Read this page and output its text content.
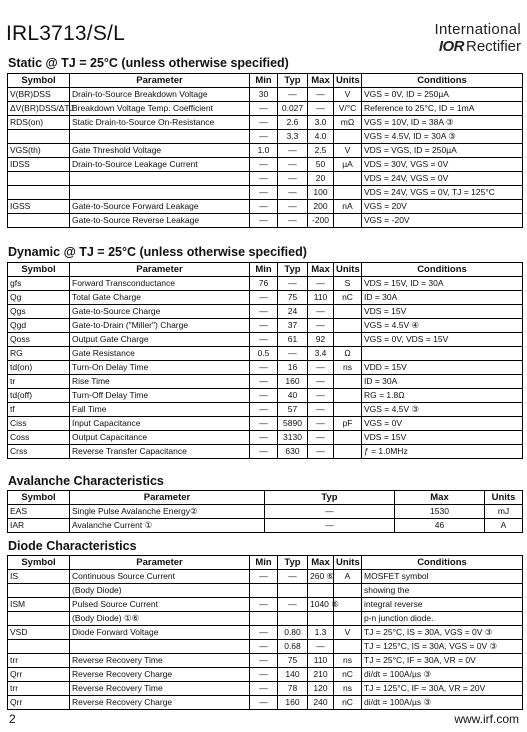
IRL3713/S/L	International
IOR Rectifier
Static @ TJ = 25°C (unless otherwise specified)
Symbol	Parameter	Min	Typ	Max	Units	Conditions
V(BR)DSS	Drain-to-Source Breakdown Voltage	30	—	—	V	VGS = 0V, ID = 250µA
ΔV(BR)DSS/ΔTJ	Breakdown Voltage Temp. Coefficient	—	0.027	—	V/°C	Reference to 25°C, ID = 1mA
RDS(on)	Static Drain-to-Source On-Resistance	—	2.6	3.0	mΩ	VGS = 10V, ID = 38A ③
		—	3.3	4.0		VGS = 4.5V, ID = 30A ③
VGS(th)	Gate Threshold Voltage	1.0	—	2.5	V	VDS = VGS, ID = 250µA
IDSS	Drain-to-Source Leakage Current	—	—	50	µA	VDS = 30V, VGS = 0V
		—	—	20		VDS = 24V, VGS = 0V
		—	—	100		VDS = 24V, VGS = 0V, TJ = 125°C
IGSS	Gate-to-Source Forward Leakage	—	—	200	nA	VGS = 20V
	Gate-to-Source Reverse Leakage	—	—	-200		VGS = -20V
Dynamic @ TJ = 25°C (unless otherwise specified)
Symbol	Parameter	Min	Typ	Max	Units	Conditions
gfs	Forward Transconductance	76	—	—	S	VDS = 15V, ID = 30A
Qg	Total Gate Charge	—	75	110	nC	ID = 30A
Qgs	Gate-to-Source Charge	—	24	—		VDS = 15V
Qgd	Gate-to-Drain ("Miller") Charge	—	37	—		VGS = 4.5V ④
Qoss	Output Gate Charge	—	61	92		VGS = 0V, VDS = 15V
RG	Gate Resistance	0.5	—	3.4	Ω	
td(on)	Turn-On Delay Time	—	16	—	ns	VDD = 15V
tr	Rise Time	—	160	—		ID = 30A
td(off)	Turn-Off Delay Time	—	40	—		RG = 1.8Ω
tf	Fall Time	—	57	—		VGS = 4.5V ③
Ciss	Input Capacitance	—	5890	—	pF	VGS = 0V
Coss	Output Capacitance	—	3130	—		VDS = 15V
Crss	Reverse Transfer Capacitance	—	630	—		ƒ = 1.0MHz
Avalanche Characteristics
Symbol	Parameter	Typ	Max	Units
EAS	Single Pulse Avalanche Energy②	—	1530	mJ
IAR	Avalanche Current ①	—	46	A
Diode Characteristics
Symbol	Parameter	Min	Typ	Max	Units	Conditions
IS	Continuous Source Current	—	—	260 ⑥	A	MOSFET symbol
	(Body Diode)					showing the
ISM	Pulsed Source Current	—	—	1040 ⑥		integral reverse
	(Body Diode) ①⑥					p-n junction diode.
VSD	Diode Forward Voltage	—	0.80	1.3	V	TJ = 25°C, IS = 30A, VGS = 0V ③
		—	0.68	—		TJ = 125°C, IS = 30A, VGS = 0V ③
trr	Reverse Recovery Time	—	75	110	ns	TJ = 25°C, IF = 30A, VR = 0V
Qrr	Reverse Recovery Charge	—	140	210	nC	di/dt = 100A/µs ③
trr	Reverse Recovery Time	—	78	120	ns	TJ = 125°C, IF = 30A, VR = 20V
Qrr	Reverse Recovery Charge	—	160	240	nC	di/dt = 100A/µs ③
2	www.irf.com
